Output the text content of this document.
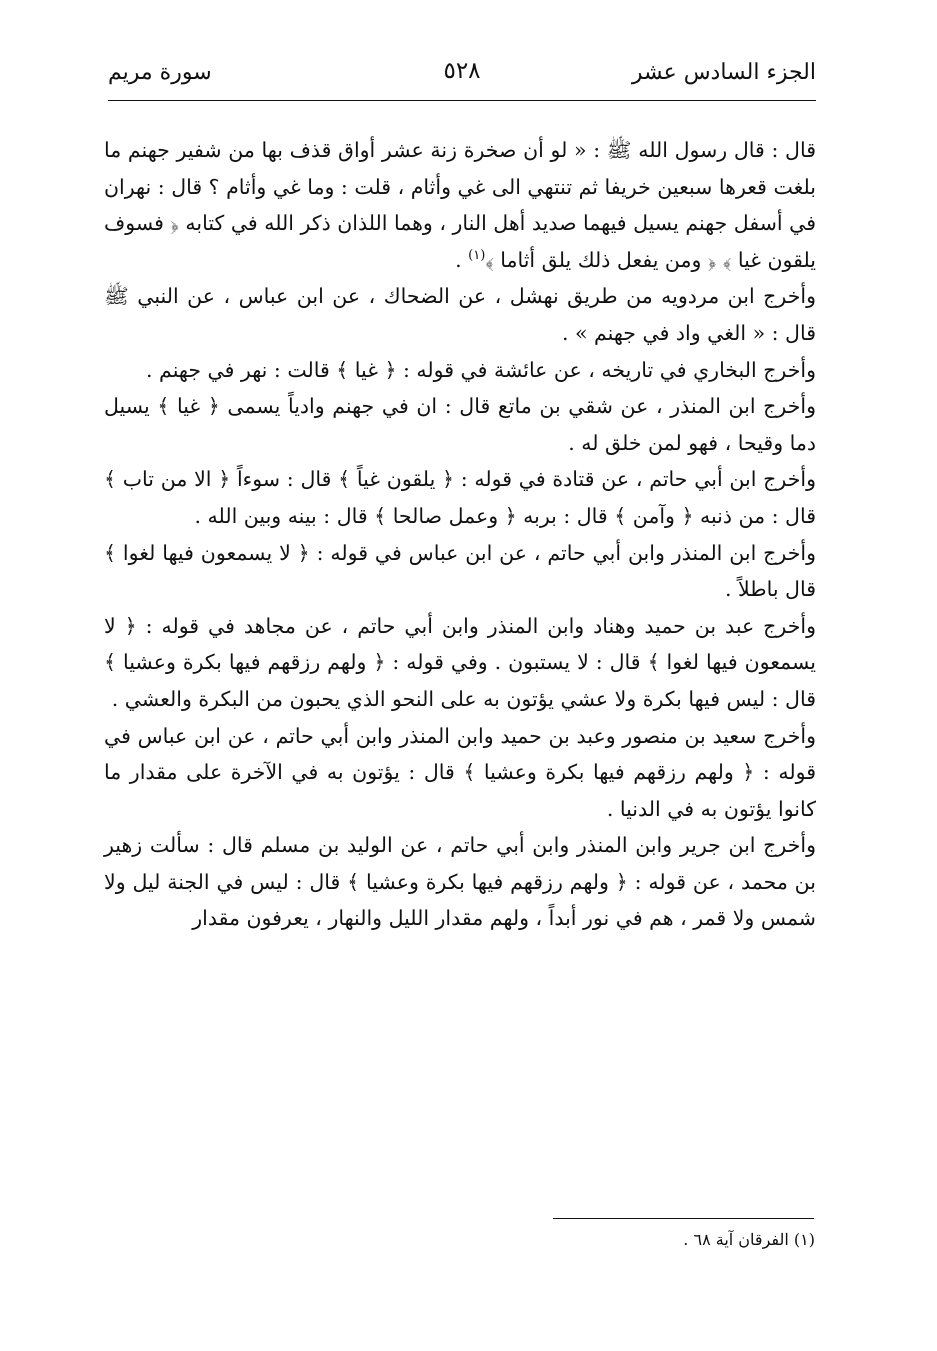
الجزء السادس عشر
٥٢٨
سورة مريم

قال : قال رسول الله ﷺ : « لو أن صخرة زنة عشر أواق قذف بها من شفير جهنم ما بلغت قعرها سبعين خريفا ثم تنتهي الى غي وأثام ، قلت : وما غي وأثام ؟ قال : نهران في أسفل جهنم يسيل فيهما صديد أهل النار ، وهما اللذان ذكر الله في كتابه ﴿ فسوف يلقون غيا ﴾ ﴿ ومن يفعل ذلك يلق أثاما ﴾$^{(١)}$ .

وأخرج ابن مردويه من طريق نهشل ، عن الضحاك ، عن ابن عباس ، عن النبي ﷺ قال : « الغي واد في جهنم » .

وأخرج البخاري في تاريخه ، عن عائشة في قوله : ﴿ غيا ﴾ قالت : نهر في جهنم .

وأخرج ابن المنذر ، عن شقي بن ماتع قال : ان في جهنم وادياً يسمى ﴿ غيا ﴾ يسيل دما وقيحا ، فهو لمن خلق له .

وأخرج ابن أبي حاتم ، عن قتادة في قوله : ﴿ يلقون غياً ﴾ قال : سوءاً ﴿ الا من تاب ﴾ قال : من ذنبه ﴿ وآمن ﴾ قال : بربه ﴿ وعمل صالحا ﴾ قال : بينه وبين الله .

وأخرج ابن المنذر وابن أبي حاتم ، عن ابن عباس في قوله : ﴿ لا يسمعون فيها لغوا ﴾ قال باطلاً .

وأخرج عبد بن حميد وهناد وابن المنذر وابن أبي حاتم ، عن مجاهد في قوله : ﴿ لا يسمعون فيها لغوا ﴾ قال : لا يستبون . وفي قوله : ﴿ ولهم رزقهم فيها بكرة وعشيا ﴾ قال : ليس فيها بكرة ولا عشي يؤتون به على النحو الذي يحبون من البكرة والعشي .

وأخرج سعيد بن منصور وعبد بن حميد وابن المنذر وابن أبي حاتم ، عن ابن عباس في قوله : ﴿ ولهم رزقهم فيها بكرة وعشيا ﴾ قال : يؤتون به في الآخرة على مقدار ما كانوا يؤتون به في الدنيا .

وأخرج ابن جرير وابن المنذر وابن أبي حاتم ، عن الوليد بن مسلم قال : سألت زهير بن محمد ، عن قوله : ﴿ ولهم رزقهم فيها بكرة وعشيا ﴾ قال : ليس في الجنة ليل ولا شمس ولا قمر ، هم في نور أبداً ، ولهم مقدار الليل والنهار ، يعرفون مقدار

(١) الفرقان آية ٦٨ .
